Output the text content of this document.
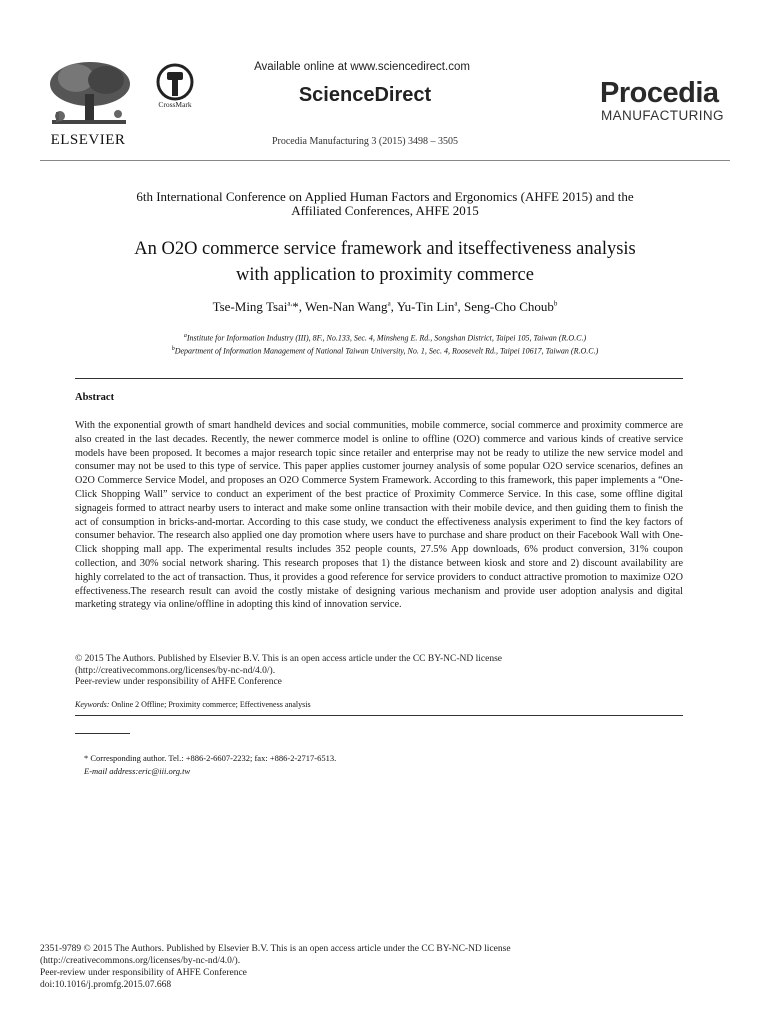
ELSEVIER
CrossMark
Available online at www.sciencedirect.com
ScienceDirect
Procedia Manufacturing 3 (2015) 3498 – 3505
Procedia
MANUFACTURING
6th International Conference on Applied Human Factors and Ergonomics (AHFE 2015) and the
Affiliated Conferences, AHFE 2015
An O2O commerce service framework and itseffectiveness analysis
with application to proximity commerce
Tse-Ming Tsai$^{a,}$*, Wen-Nan Wang$^a$, Yu-Tin Lin$^a$, Seng-Cho Choub$^b$
$^a$Institute for Information Industry (III), 8F., No.133, Sec. 4, Minsheng E. Rd., Songshan District, Taipei 105, Taiwan (R.O.C.)
$^b$Department of Information Management of National Taiwan University, No. 1, Sec. 4, Roosevelt Rd., Taipei 10617, Taiwan (R.O.C.)
Abstract
With the exponential growth of smart handheld devices and social communities, mobile commerce, social commerce and proximity commerce are also created in the last decades. Recently, the newer commerce model is online to offline (O2O) commerce and various kinds of creative service models have been proposed. It becomes a major research topic since retailer and enterprise may not be ready to utilize the new service model and consumer may not be used to this type of service. This paper applies customer journey analysis of some popular O2O service scenarios, defines an O2O Commerce Service Model, and proposes an O2O Commerce System Framework. According to this framework, this paper implements a “One-Click Shopping Wall” service to conduct an experiment of the best practice of Proximity Commerce Service. In this case, some offline digital signageis formed to attract nearby users to interact and make some online transaction with their mobile device, and then guiding them to finish the act of consumption in bricks-and-mortar. According to this case study, we conduct the effectiveness analysis experiment to find the key factors of consumer behavior. The research also applied one day promotion where users have to purchase and share product on their Facebook Wall with One-Click shopping mall app. The experimental results includes 352 people counts, 27.5% App downloads, 6% product conversion, 31% coupon collection, and 30% social network sharing. This research proposes that 1) the distance between kiosk and store and 2) discount availability are highly correlated to the act of transaction. Thus, it provides a good reference for service providers to conduct attractive promotion to maximize O2O effectiveness.The research result can avoid the costly mistake of designing various mechanism and provide user adoption analysis and digital marketing strategy via online/offline in adopting this kind of innovation service.
© 2015 The Authors. Published by Elsevier B.V. This is an open access article under the CC BY-NC-ND license
(http://creativecommons.org/licenses/by-nc-nd/4.0/).
Peer-review under responsibility of AHFE Conference
Keywords: Online 2 Offline; Proximity commerce; Effectiveness analysis
* Corresponding author. Tel.: +886-2-6607-2232; fax: +886-2-2717-6513.
E-mail address:eric@iii.org.tw
2351-9789 © 2015 The Authors. Published by Elsevier B.V. This is an open access article under the CC BY-NC-ND license
(http://creativecommons.org/licenses/by-nc-nd/4.0/).
Peer-review under responsibility of AHFE Conference
doi:10.1016/j.promfg.2015.07.668
